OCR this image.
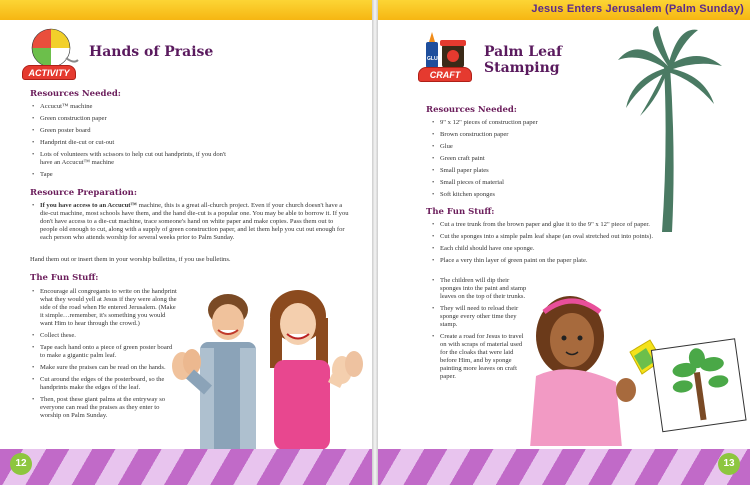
ACTIVITY
Hands of Praise
Resources Needed:
• Accucut™ machine
• Green construction paper
• Green poster board
• Handprint die-cut or cut-out
• Lots of volunteers with scissors to help cut out handprints, if you don't have an Accucut™ machine
• Tape
Resource Preparation:
• If you have access to an Accucut™ machine, this is a great all-church project. Even if your church doesn't have a die-cut machine, most schools have them, and the hand die-cut is a popular one. You may be able to borrow it. If you don't have access to a die-cut machine, trace someone's hand on white paper and make copies. Pass them out to people old enough to cut, along with a supply of green construction paper, and let them help you cut out enough for each person who attends worship for several weeks prior to Palm Sunday.
Hand them out or insert them in your worship bulletins, if you use bulletins.
The Fun Stuff:
• Encourage all congregants to write on the handprint what they would yell at Jesus if they were along the side of the road when He entered Jerusalem. (Make it simple…remember, it's something you would want Him to hear through the crowd.)
• Collect these.
• Tape each hand onto a piece of green poster board to make a gigantic palm leaf.
• Make sure the praises can be read on the hands.
• Cut around the edges of the posterboard, so the handprints make the edges of the leaf.
• Then, post these giant palms at the entryway so everyone can read the praises as they enter to worship on Palm Sunday.
12
Jesus Enters Jerusalem (Palm Sunday)
GLUE
CRAFT
Palm Leaf
Stamping
Resources Needed:
• 9" x 12" pieces of construction paper
• Brown construction paper
• Glue
• Green craft paint
• Small paper plates
• Small pieces of material
• Soft kitchen sponges
The Fun Stuff:
• Cut a tree trunk from the brown paper and glue it to the 9" x 12" piece of paper.
• Cut the sponges into a simple palm leaf shape (an oval stretched out into points).
• Each child should have one sponge.
• Place a very thin layer of green paint on the paper plate.
• The children will dip their sponges into the paint and stamp leaves on the top of their trunks.
• They will need to reload their sponge every other time they stamp.
• Create a road for Jesus to travel on with scraps of material used for the cloaks that were laid before Him, and by sponge painting more leaves on craft paper.
13
